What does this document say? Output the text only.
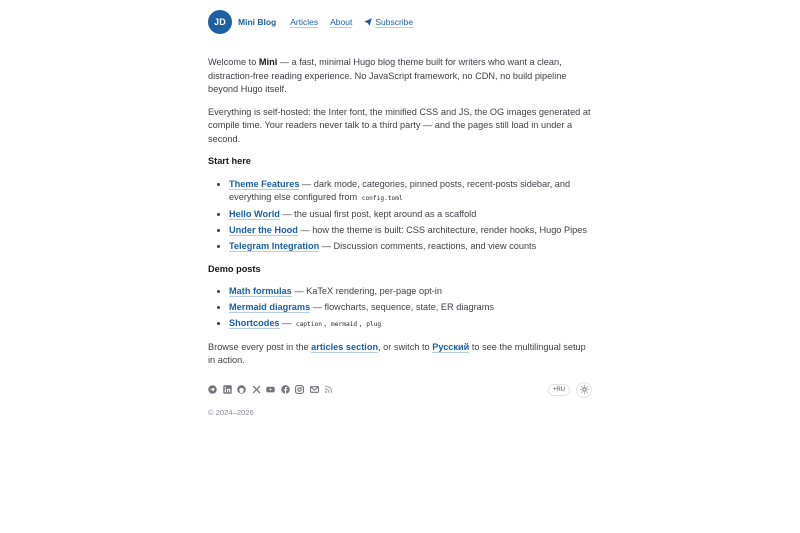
JD	Mini Blog Articles About	Subscribe

Welcome to Mini — a fast, minimal Hugo blog theme built for writers who want a clean, distraction-free reading experience. No JavaScript framework, no CDN, no build pipeline beyond Hugo itself.

Everything is self-hosted: the Inter font, the minified CSS and JS, the OG images generated at compile time. Your readers never talk to a third party — and the pages still load in under a second.

Start here
• Theme Features — dark mode, categories, pinned posts, recent-posts sidebar, and everything else configured from config.toml
• Hello World — the usual first post, kept around as a scaffold
• Under the Hood — how the theme is built: CSS architecture, render hooks, Hugo Pipes
• Telegram Integration — Discussion comments, reactions, and view counts
Demo posts
• Math formulas — KaTeX rendering, per-page opt-in
• Mermaid diagrams — flowcharts, sequence, state, ER diagrams
• Shortcodes — caption , mermaid , plug

Browse every post in the articles section, or switch to Русский to see the multilingual setup in action.

+RU
© 2024–2026
